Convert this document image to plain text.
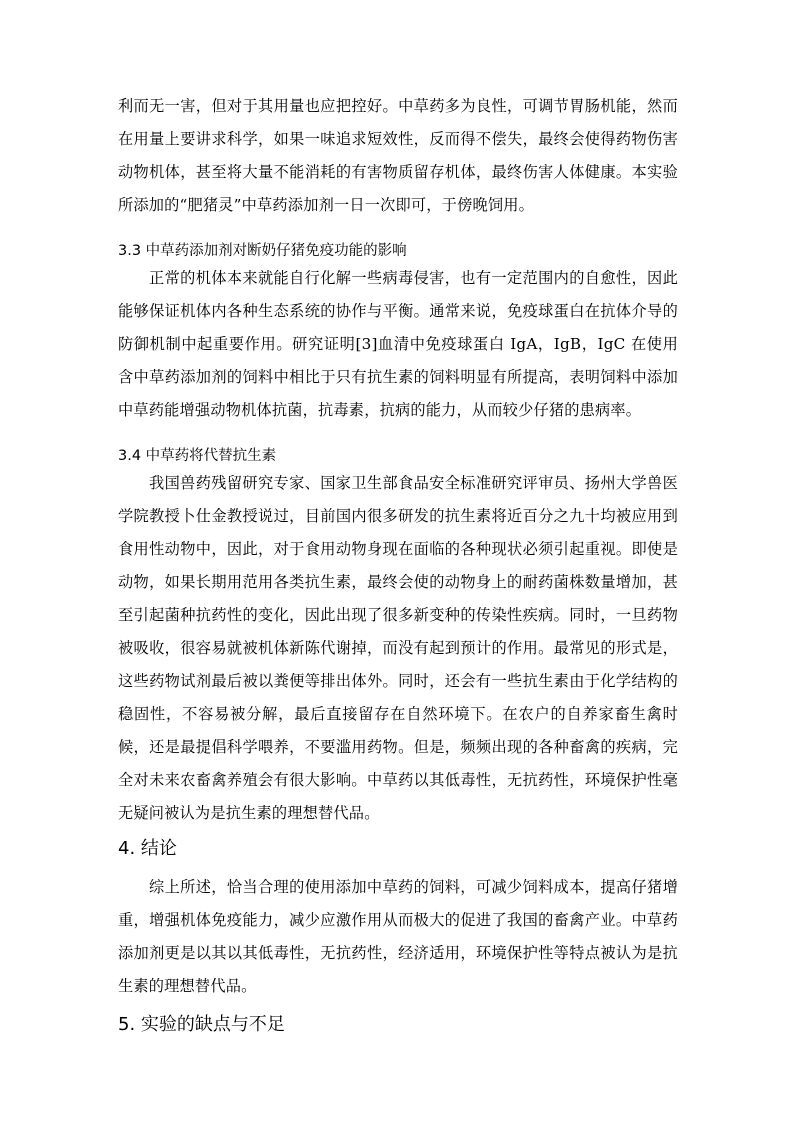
利而无一害，但对于其用量也应把控好。中草药多为良性，可调节胃肠机能，然而在用量上要讲求科学，如果一味追求短效性，反而得不偿失，最终会使得药物伤害动物机体，甚至将大量不能消耗的有害物质留存机体，最终伤害人体健康。本实验所添加的“肥猪灵”中草药添加剂一日一次即可，于傍晚饲用。

3.3 中草药添加剂对断奶仔猪免疫功能的影响

正常的机体本来就能自行化解一些病毒侵害，也有一定范围内的自愈性，因此能够保证机体内各种生态系统的协作与平衡。通常来说，免疫球蛋白在抗体介导的防御机制中起重要作用。研究证明[3]血清中免疫球蛋白 IgA，IgB，IgC 在使用含中草药添加剂的饲料中相比于只有抗生素的饲料明显有所提高，表明饲料中添加中草药能增强动物机体抗菌，抗毒素，抗病的能力，从而较少仔猪的患病率。

3.4 中草药将代替抗生素

我国兽药残留研究专家、国家卫生部食品安全标准研究评审员、扬州大学兽医学院教授卜仕金教授说过，目前国内很多研发的抗生素将近百分之九十均被应用到食用性动物中，因此，对于食用动物身现在面临的各种现状必须引起重视。即使是动物，如果长期用范用各类抗生素，最终会使的动物身上的耐药菌株数量增加，甚至引起菌种抗药性的变化，因此出现了很多新变种的传染性疾病。同时，一旦药物被吸收，很容易就被机体新陈代谢掉，而没有起到预计的作用。最常见的形式是，这些药物试剂最后被以粪便等排出体外。同时，还会有一些抗生素由于化学结构的稳固性，不容易被分解，最后直接留存在自然环境下。在农户的自养家畜生禽时候，还是最提倡科学喂养，不要滥用药物。但是，频频出现的各种畜禽的疾病，完全对未来农畜禽养殖会有很大影响。中草药以其低毒性，无抗药性，环境保护性毫无疑问被认为是抗生素的理想替代品。

4. 结论

综上所述，恰当合理的使用添加中草药的饲料，可减少饲料成本，提高仔猪增重，增强机体免疫能力，减少应激作用从而极大的促进了我国的畜禽产业。中草药添加剂更是以其以其低毒性，无抗药性，经济适用，环境保护性等特点被认为是抗生素的理想替代品。

5. 实验的缺点与不足
